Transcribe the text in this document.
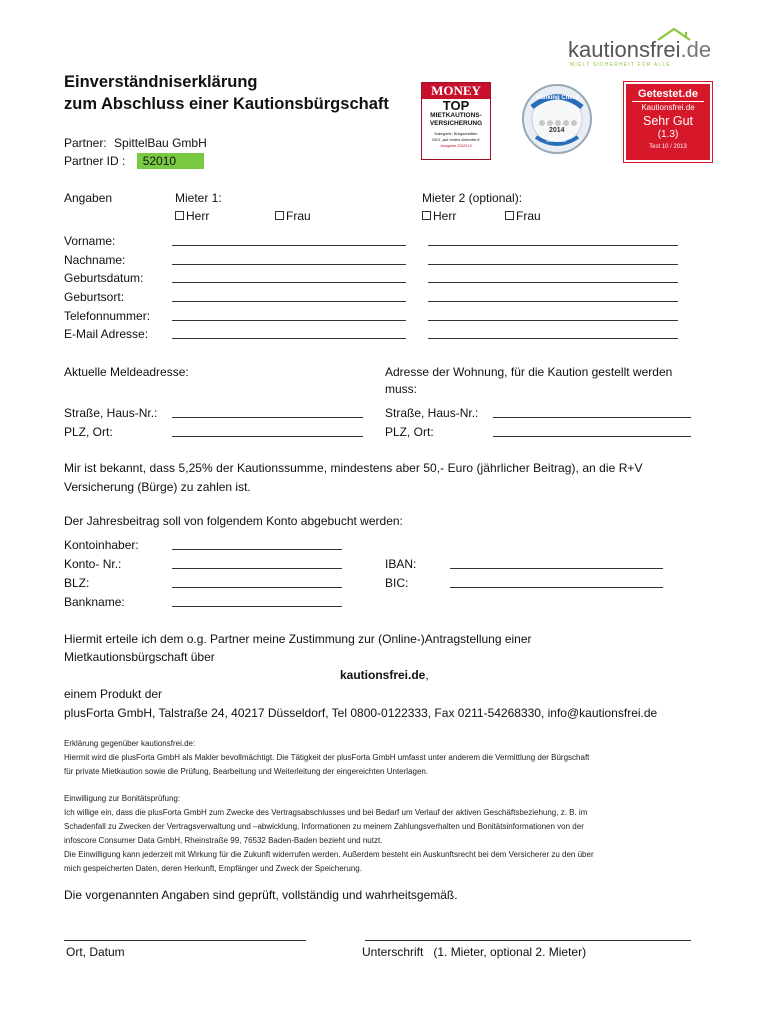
kautionsfrei.de
MIELT SICHERHEIT FÜR ALLE
MONEY
TOP
MIETKAUTIONS-
VERSICHERUNG
Kategorie: Bürgschaften
GKV „auf erstes Anfordern“
Ausgabe 20/2013
Banking Check
2014
Sehr Gut
Getestet.de
Kautionsfrei.de
Sehr Gut
(1.3)
Test 10 / 2013
Einverständniserklärung
zum Abschluss einer Kautionsbürgschaft
Partner: SpittelBau GmbH
Partner ID : 52010
Angaben	Mieter 1:	Mieter 2 (optional):
Herr	Frau	Herr	Frau
Vorname:
Nachname:
Geburtsdatum:
Geburtsort:
Telefonnummer:
E-Mail Adresse:
Aktuelle Meldeadresse:	Adresse der Wohnung, für die Kaution gestellt werden
muss:
Straße, Haus-Nr.:
PLZ, Ort:
Straße, Haus-Nr.:
PLZ, Ort:
Mir ist bekannt, dass 5,25% der Kautionssumme, mindestens aber 50,- Euro (jährlicher Beitrag), an die R+V
Versicherung (Bürge) zu zahlen ist.
Der Jahresbeitrag soll von folgendem Konto abgebucht werden:
Kontoinhaber:
Konto- Nr.:
BLZ:
Bankname:
IBAN:
BIC:
Hiermit erteile ich dem o.g. Partner meine Zustimmung zur (Online-)Antragstellung einer
Mietkautionsbürgschaft über
kautionsfrei.de,
einem Produkt der
plusForta GmbH, Talstraße 24, 40217 Düsseldorf, Tel 0800-0122333, Fax 0211-54268330, info@kautionsfrei.de
Erklärung gegenüber kautionsfrei.de:
Hiermit wird die plusForta GmbH als Makler bevollmächtigt. Die Tätigkeit der plusForta GmbH umfasst unter anderem die Vermittlung der Bürgschaft
für private Mietkaution sowie die Prüfung, Bearbeitung und Weiterleitung der eingereichten Unterlagen.
Einwilligung zur Bonitätsprüfung:
Ich willige ein, dass die plusForta GmbH zum Zwecke des Vertragsabschlusses und bei Bedarf um Verlauf der aktiven Geschäftsbeziehung, z. B. im
Schadenfall zu Zwecken der Vertragsverwaltung und –abwicklung, Informationen zu meinem Zahlungsverhalten und Bonitätsinformationen von der
infoscore Consumer Data GmbH, Rheinstraße 99, 76532 Baden-Baden bezieht und nutzt.
Die Einwilligung kann jederzeit mit Wirkung für die Zukunft widerrufen werden. Außerdem besteht ein Auskunftsrecht bei dem Versicherer zu den über
mich gespeicherten Daten, deren Herkunft, Empfänger und Zweck der Speicherung.
Die vorgenannten Angaben sind geprüft, vollständig und wahrheitsgemäß.
Ort, Datum	Unterschrift   (1. Mieter, optional 2. Mieter)
